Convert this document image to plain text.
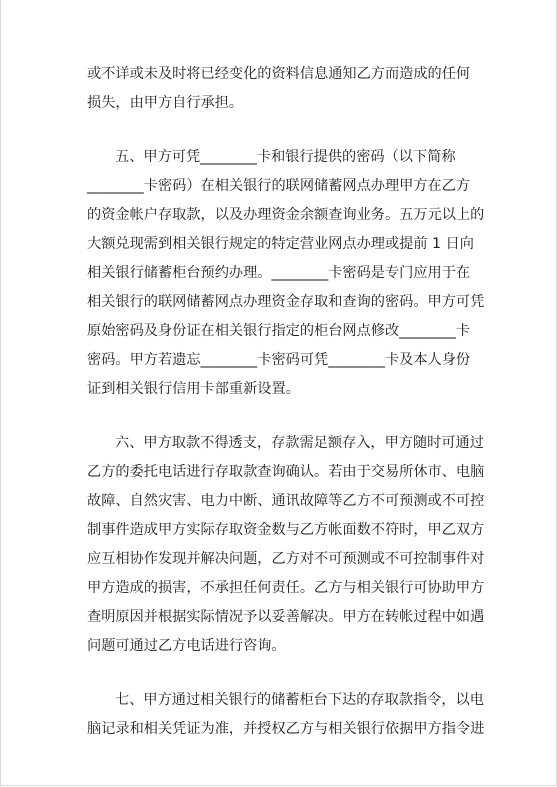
或不详或未及时将已经变化的资料信息通知乙方而造成的任何
损失，由甲方自行承担。
五、甲方可凭________卡和银行提供的密码（以下简称
________卡密码）在相关银行的联网储蓄网点办理甲方在乙方
的资金帐户存取款，以及办理资金余额查询业务。五万元以上的
大额兑现需到相关银行规定的特定营业网点办理或提前 1 日向
相关银行储蓄柜台预约办理。________卡密码是专门应用于在
相关银行的联网储蓄网点办理资金存取和查询的密码。甲方可凭
原始密码及身份证在相关银行指定的柜台网点修改________卡
密码。甲方若遗忘________卡密码可凭________卡及本人身份
证到相关银行信用卡部重新设置。
六、甲方取款不得透支，存款需足额存入，甲方随时可通过
乙方的委托电话进行存取款查询确认。若由于交易所休市、电脑
故障、自然灾害、电力中断、通讯故障等乙方不可预测或不可控
制事件造成甲方实际存取资金数与乙方帐面数不符时，甲乙双方
应互相协作发现并解决问题，乙方对不可预测或不可控制事件对
甲方造成的损害，不承担任何责任。乙方与相关银行可协助甲方
查明原因并根据实际情况予以妥善解决。甲方在转帐过程中如遇
问题可通过乙方电话进行咨询。
七、甲方通过相关银行的储蓄柜台下达的存取款指令，以电
脑记录和相关凭证为准，并授权乙方与相关银行依据甲方指令进
